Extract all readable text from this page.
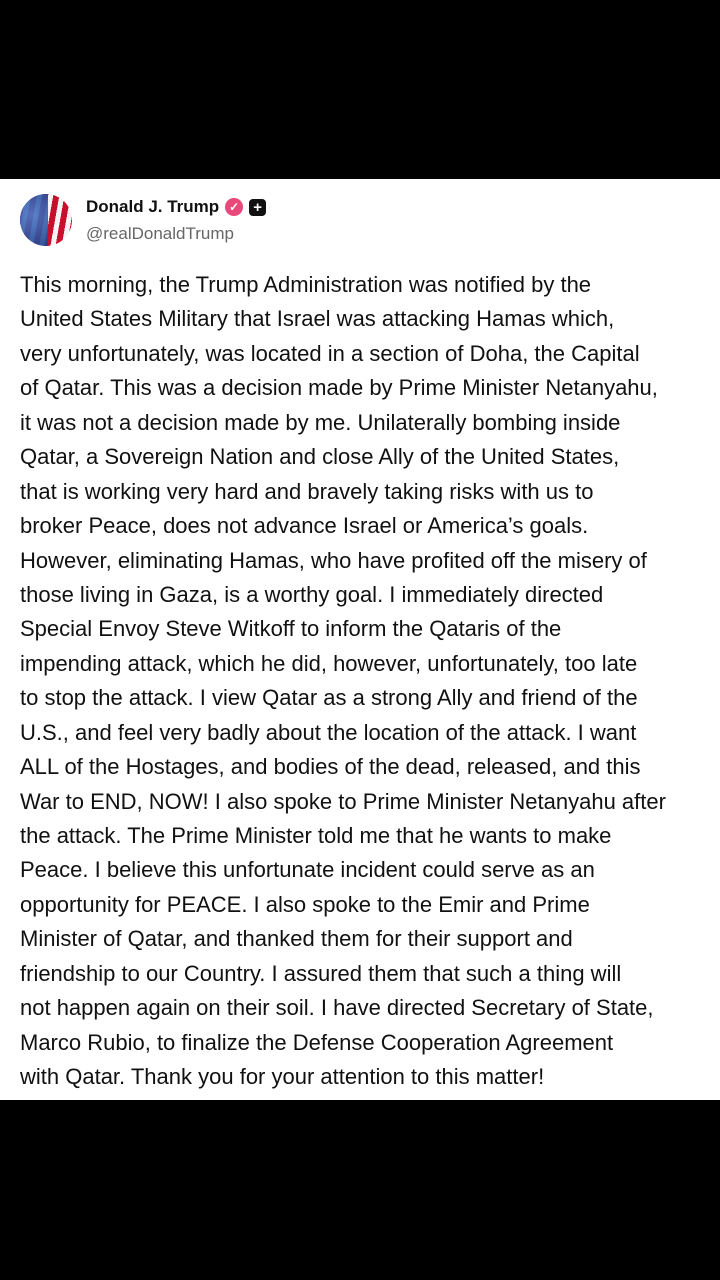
Donald J. Trump ✓ +
@realDonaldTrump
This morning, the Trump Administration was notified by the
United States Military that Israel was attacking Hamas which,
very unfortunately, was located in a section of Doha, the Capital
of Qatar. This was a decision made by Prime Minister Netanyahu,
it was not a decision made by me. Unilaterally bombing inside
Qatar, a Sovereign Nation and close Ally of the United States,
that is working very hard and bravely taking risks with us to
broker Peace, does not advance Israel or America’s goals.
However, eliminating Hamas, who have profited off the misery of
those living in Gaza, is a worthy goal. I immediately directed
Special Envoy Steve Witkoff to inform the Qataris of the
impending attack, which he did, however, unfortunately, too late
to stop the attack. I view Qatar as a strong Ally and friend of the
U.S., and feel very badly about the location of the attack. I want
ALL of the Hostages, and bodies of the dead, released, and this
War to END, NOW! I also spoke to Prime Minister Netanyahu after
the attack. The Prime Minister told me that he wants to make
Peace. I believe this unfortunate incident could serve as an
opportunity for PEACE. I also spoke to the Emir and Prime
Minister of Qatar, and thanked them for their support and
friendship to our Country. I assured them that such a thing will
not happen again on their soil. I have directed Secretary of State,
Marco Rubio, to finalize the Defense Cooperation Agreement
with Qatar. Thank you for your attention to this matter!
